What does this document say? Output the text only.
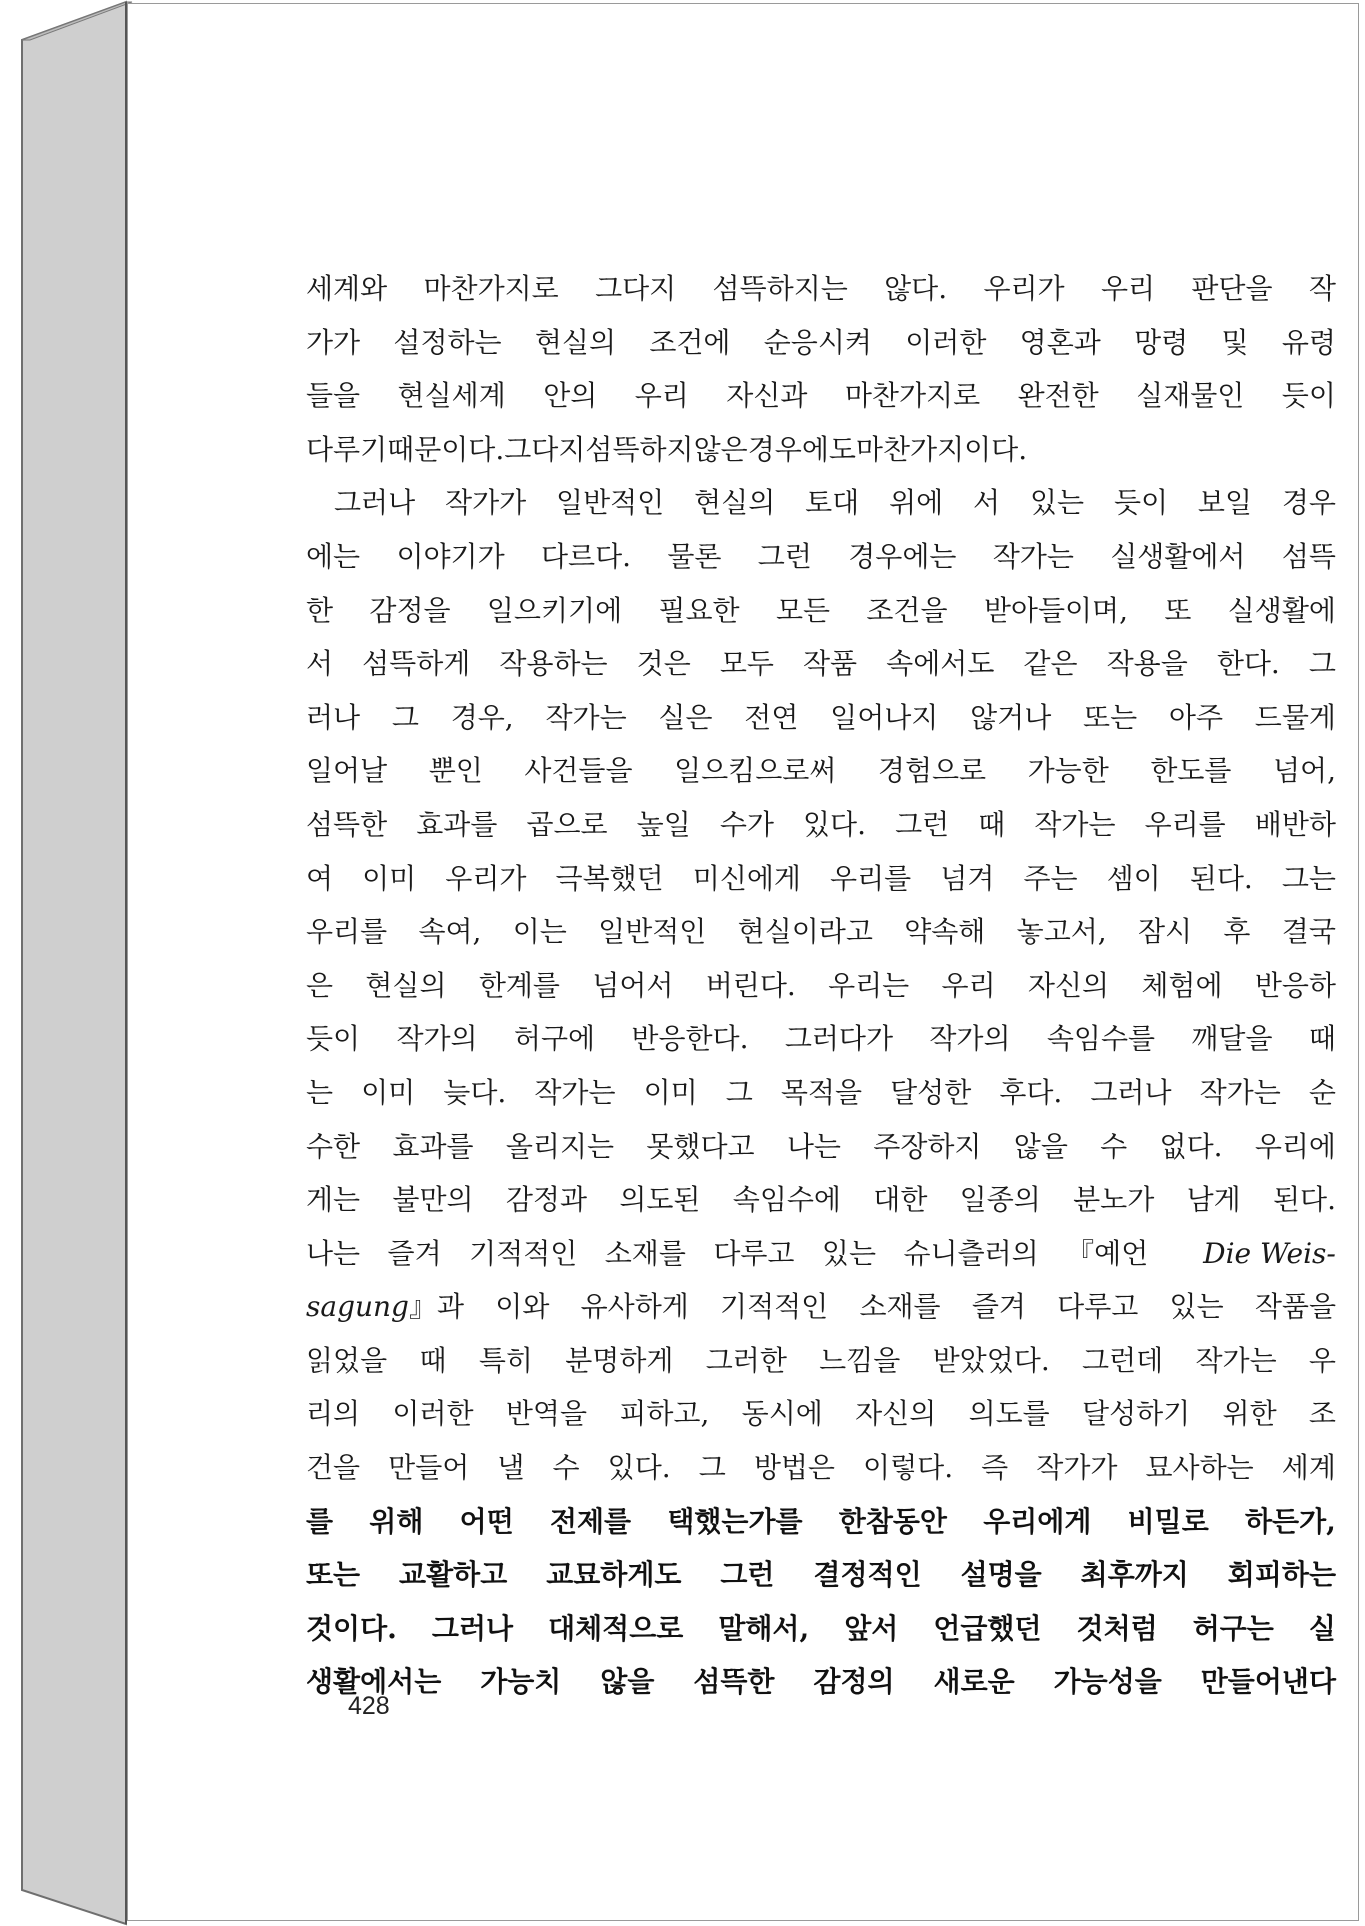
세계와 마찬가지로 그다지 섬뜩하지는 않다. 우리가 우리 판단을 작
가가 설정하는 현실의 조건에 순응시켜 이러한 영혼과 망령 및 유령
들을 현실세계 안의 우리 자신과 마찬가지로 완전한 실재물인 듯이
다루기 때문이다. 그다지 섬뜩하지 않은 경우에도 마찬가지이다.
그러나 작가가 일반적인 현실의 토대 위에 서 있는 듯이 보일 경우
에는 이야기가 다르다. 물론 그런 경우에는 작가는 실생활에서 섬뜩
한 감정을 일으키기에 필요한 모든 조건을 받아들이며, 또 실생활에
서 섬뜩하게 작용하는 것은 모두 작품 속에서도 같은 작용을 한다. 그
러나 그 경우, 작가는 실은 전연 일어나지 않거나 또는 아주 드물게
일어날 뿐인 사건들을 일으킴으로써 경험으로 가능한 한도를 넘어,
섬뜩한 효과를 곱으로 높일 수가 있다. 그런 때 작가는 우리를 배반하
여 이미 우리가 극복했던 미신에게 우리를 넘겨 주는 셈이 된다. 그는
우리를 속여, 이는 일반적인 현실이라고 약속해 놓고서, 잠시 후 결국
은 현실의 한계를 넘어서 버린다. 우리는 우리 자신의 체험에 반응하
듯이 작가의 허구에 반응한다. 그러다가 작가의 속임수를 깨달을 때
는 이미 늦다. 작가는 이미 그 목적을 달성한 후다. 그러나 작가는 순
수한 효과를 올리지는 못했다고 나는 주장하지 않을 수 없다. 우리에
게는 불만의 감정과 의도된 속임수에 대한 일종의 분노가 남게 된다.
나는 즐겨 기적적인 소재를 다루고 있는 슈니츨러의 『예언 Die Weis-
sagung』과 이와 유사하게 기적적인 소재를 즐겨 다루고 있는 작품을
읽었을 때 특히 분명하게 그러한 느낌을 받았었다. 그런데 작가는 우
리의 이러한 반역을 피하고, 동시에 자신의 의도를 달성하기 위한 조
건을 만들어 낼 수 있다. 그 방법은 이렇다. 즉 작가가 묘사하는 세계
를 위해 어떤 전제를 택했는가를 한참동안 우리에게 비밀로 하든가,
또는 교활하고 교묘하게도 그런 결정적인 설명을 최후까지 회피하는
것이다. 그러나 대체적으로 말해서, 앞서 언급했던 것처럼 허구는 실
생활에서는 가능치 않을 섬뜩한 감정의 새로운 가능성을 만들어낸다
428
